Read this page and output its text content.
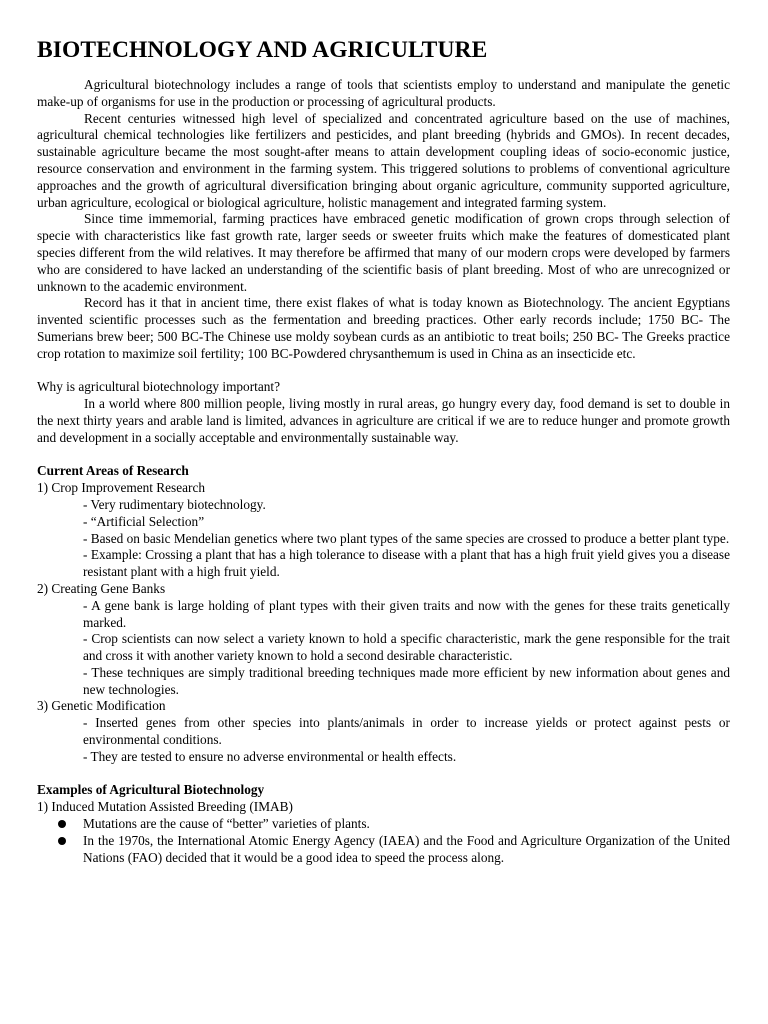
BIOTECHNOLOGY AND AGRICULTURE

Agricultural biotechnology includes a range of tools that scientists employ to understand and manipulate the genetic make-up of organisms for use in the production or processing of agricultural products.

Recent centuries witnessed high level of specialized and concentrated agriculture based on the use of machines, agricultural chemical technologies like fertilizers and pesticides, and plant breeding (hybrids and GMOs). In recent decades, sustainable agriculture became the most sought-after means to attain development coupling ideas of socio-economic justice, resource conservation and environment in the farming system. This triggered solutions to problems of conventional agriculture approaches and the growth of agricultural diversification bringing about organic agriculture, community supported agriculture, urban agriculture, ecological or biological agriculture, holistic management and integrated farming system.

Since time immemorial, farming practices have embraced genetic modification of grown crops through selection of specie with characteristics like fast growth rate, larger seeds or sweeter fruits which make the features of domesticated plant species different from the wild relatives. It may therefore be affirmed that many of our modern crops were developed by farmers who are considered to have lacked an understanding of the scientific basis of plant breeding. Most of who are unrecognized or unknown to the academic environment.

Record has it that in ancient time, there exist flakes of what is today known as Biotechnology. The ancient Egyptians invented scientific processes such as the fermentation and breeding practices. Other early records include; 1750 BC- The Sumerians brew beer; 500 BC-The Chinese use moldy soybean curds as an antibiotic to treat boils; 250 BC- The Greeks practice crop rotation to maximize soil fertility; 100 BC-Powdered chrysanthemum is used in China as an insecticide etc.

Why is agricultural biotechnology important?

In a world where 800 million people, living mostly in rural areas, go hungry every day, food demand is set to double in the next thirty years and arable land is limited, advances in agriculture are critical if we are to reduce hunger and promote growth and development in a socially acceptable and environmentally sustainable way.

Current Areas of Research

1) Crop Improvement Research

- Very rudimentary biotechnology.

- “Artificial Selection”

- Based on basic Mendelian genetics where two plant types of the same species are crossed to produce a better plant type.

- Example: Crossing a plant that has a high tolerance to disease with a plant that has a high fruit yield gives you a disease resistant plant with a high fruit yield.

2) Creating Gene Banks

- A gene bank is large holding of plant types with their given traits and now with the genes for these traits genetically marked.

- Crop scientists can now select a variety known to hold a specific characteristic, mark the gene responsible for the trait and cross it with another variety known to hold a second desirable characteristic.

- These techniques are simply traditional breeding techniques made more efficient by new information about genes and new technologies.

3) Genetic Modification

- Inserted genes from other species into plants/animals in order to increase yields or protect against pests or environmental conditions.

- They are tested to ensure no adverse environmental or health effects.

Examples of Agricultural Biotechnology

1) Induced Mutation Assisted Breeding (IMAB)

Mutations are the cause of “better” varieties of plants.
In the 1970s, the International Atomic Energy Agency (IAEA) and the Food and Agriculture Organization of the United Nations (FAO) decided that it would be a good idea to speed the process along.
